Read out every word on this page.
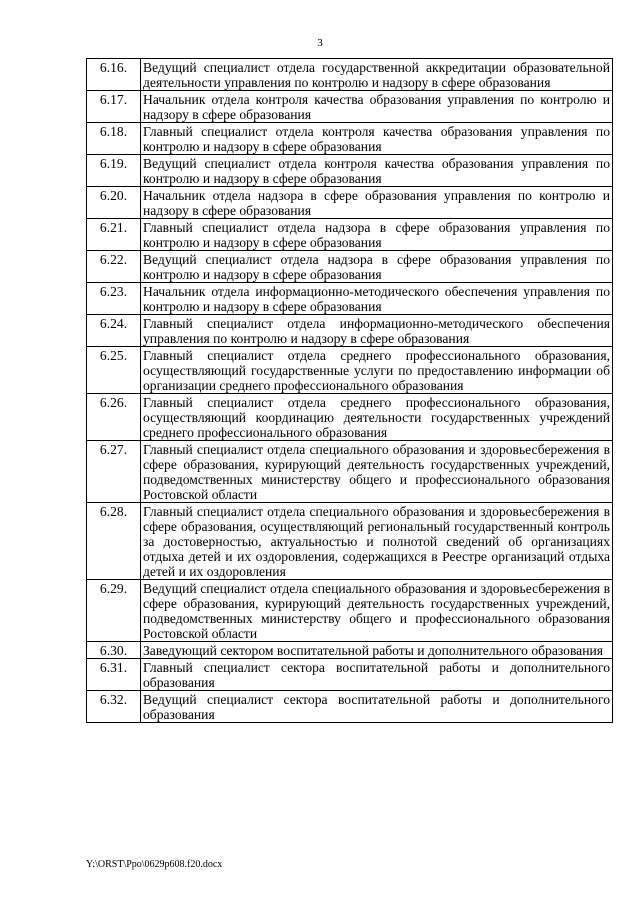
3
6.16.	Ведущий специалист отдела государственной аккредитации образовательной деятельности управления по контролю и надзору в сфере образования
6.17.	Начальник отдела контроля качества образования управления по контролю и надзору в сфере образования
6.18.	Главный специалист отдела контроля качества образования управления по контролю и надзору в сфере образования
6.19.	Ведущий специалист отдела контроля качества образования управления по контролю и надзору в сфере образования
6.20.	Начальник отдела надзора в сфере образования управления по контролю и надзору в сфере образования
6.21.	Главный специалист отдела надзора в сфере образования управления по контролю и надзору в сфере образования
6.22.	Ведущий специалист отдела надзора в сфере образования управления по контролю и надзору в сфере образования
6.23.	Начальник отдела информационно-методического обеспечения управления по контролю и надзору в сфере образования
6.24.	Главный специалист отдела информационно-методического обеспечения управления по контролю и надзору в сфере образования
6.25.	Главный специалист отдела среднего профессионального образования, осуществляющий государственные услуги по предоставлению информации об организации среднего профессионального образования
6.26.	Главный специалист отдела среднего профессионального образования, осуществляющий координацию деятельности государственных учреждений среднего профессионального образования
6.27.	Главный специалист отдела специального образования и здоровьесбережения в сфере образования, курирующий деятельность государственных учреждений, подведомственных министерству общего и профессионального образования Ростовской области
6.28.	Главный специалист отдела специального образования и здоровьесбережения в сфере образования, осуществляющий региональный государственный контроль за достоверностью, актуальностью и полнотой сведений об организациях отдыха детей и их оздоровления, содержащихся в Реестре организаций отдыха детей и их оздоровления
6.29.	Ведущий специалист отдела специального образования и здоровьесбережения в сфере образования, курирующий деятельность государственных учреждений, подведомственных министерству общего и профессионального образования Ростовской области
6.30.	Заведующий сектором воспитательной работы и дополнительного образования
6.31.	Главный специалист сектора воспитательной работы и дополнительного образования
6.32.	Ведущий специалист сектора воспитательной работы и дополнительного образования
Y:\ORST\Ppo\0629p608.f20.docx
